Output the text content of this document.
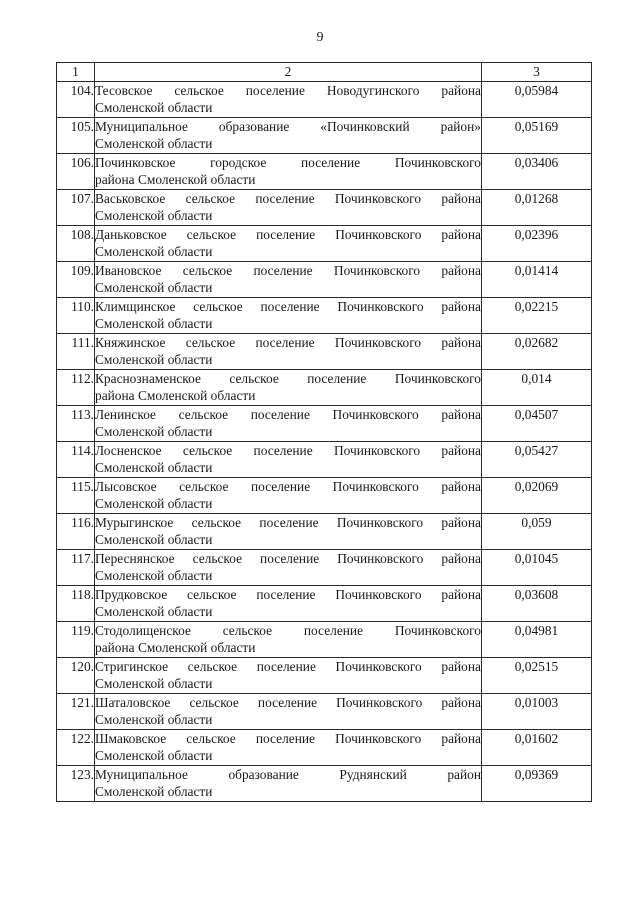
9
1	2	3
104.	Тесовское сельское поселение Новодугинского района
Смоленской области	0,05984
105.	Муниципальное образование «Починковский район»
Смоленской области	0,05169
106.	Починковское городское поселение Починковского
района Смоленской области	0,03406
107.	Васьковское сельское поселение Починковского района
Смоленской области	0,01268
108.	Даньковское сельское поселение Починковского района
Смоленской области	0,02396
109.	Ивановское сельское поселение Починковского района
Смоленской области	0,01414
110.	Климщинское сельское поселение Починковского района
Смоленской области	0,02215
111.	Княжинское сельское поселение Починковского района
Смоленской области	0,02682
112.	Краснознаменское сельское поселение Починковского
района Смоленской области	0,014
113.	Ленинское сельское поселение Починковского района
Смоленской области	0,04507
114.	Лосненское сельское поселение Починковского района
Смоленской области	0,05427
115.	Лысовское сельское поселение Починковского района
Смоленской области	0,02069
116.	Мурыгинское сельское поселение Починковского района
Смоленской области	0,059
117.	Переснянское сельское поселение Починковского района
Смоленской области	0,01045
118.	Прудковское сельское поселение Починковского района
Смоленской области	0,03608
119.	Стодолищенское сельское поселение Починковского
района Смоленской области	0,04981
120.	Стригинское сельское поселение Починковского района
Смоленской области	0,02515
121.	Шаталовское сельское поселение Починковского района
Смоленской области	0,01003
122.	Шмаковское сельское поселение Починковского района
Смоленской области	0,01602
123.	Муниципальное образование Руднянский район
Смоленской области	0,09369
